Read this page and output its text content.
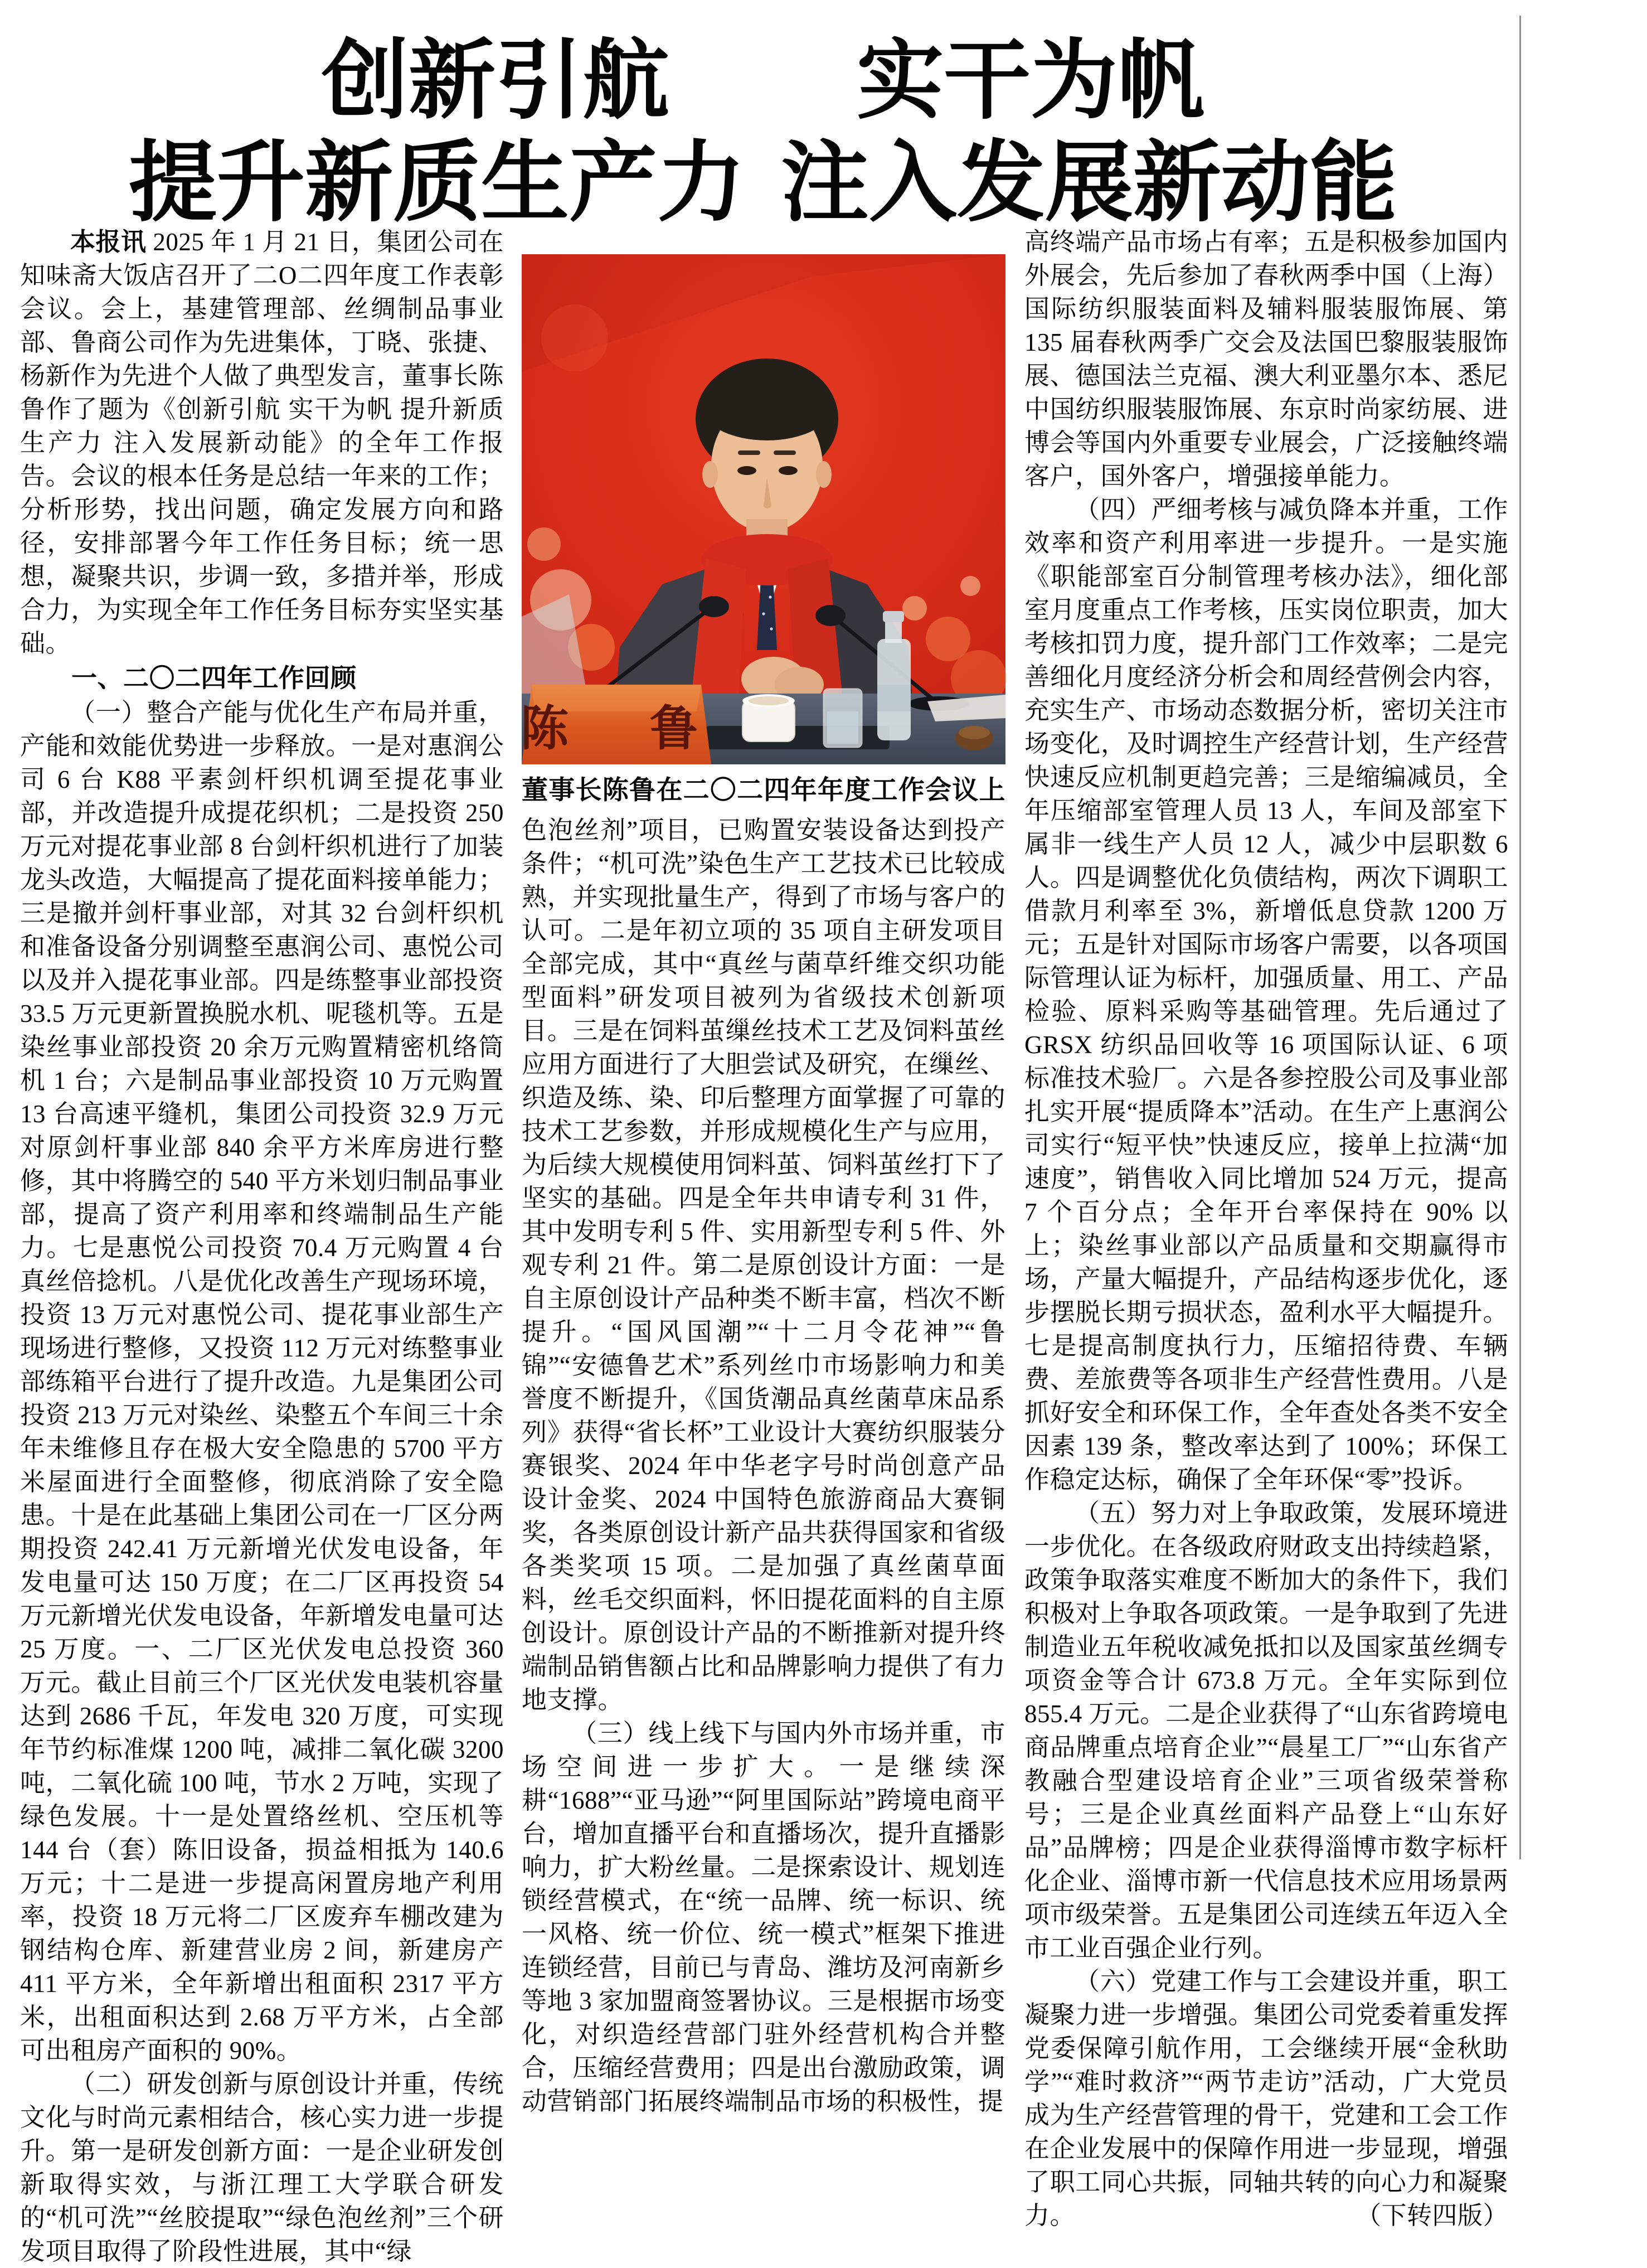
创新引航 实干为帆
提升新质生产力 注入发展新动能

本报讯 2025 年 1 月 21 日，集团公司在知味斋大饭店召开了二O二四年度工作表彰会议。会上，基建管理部、丝绸制品事业部、鲁商公司作为先进集体，丁晓、张捷、杨新作为先进个人做了典型发言，董事长陈鲁作了题为《创新引航 实干为帆 提升新质生产力 注入发展新动能》的全年工作报告。会议的根本任务是总结一年来的工作；分析形势，找出问题，确定发展方向和路径，安排部署今年工作任务目标；统一思想，凝聚共识，步调一致，多措并举，形成合力，为实现全年工作任务目标夯实坚实基础。

一、二〇二四年工作回顾

（一）整合产能与优化生产布局并重，产能和效能优势进一步释放。一是对惠润公司 6 台 K88 平素剑杆织机调至提花事业部，并改造提升成提花织机；二是投资 250 万元对提花事业部 8 台剑杆织机进行了加装龙头改造，大幅提高了提花面料接单能力；三是撤并剑杆事业部，对其 32 台剑杆织机和准备设备分别调整至惠润公司、惠悦公司以及并入提花事业部。四是练整事业部投资 33.5 万元更新置换脱水机、呢毯机等。五是染丝事业部投资 20 余万元购置精密机络筒机 1 台；六是制品事业部投资 10 万元购置 13 台高速平缝机，集团公司投资 32.9 万元对原剑杆事业部 840 余平方米库房进行整修，其中将腾空的 540 平方米划归制品事业部，提高了资产利用率和终端制品生产能力。七是惠悦公司投资 70.4 万元购置 4 台真丝倍捻机。八是优化改善生产现场环境，投资 13 万元对惠悦公司、提花事业部生产现场进行整修，又投资 112 万元对练整事业部练箱平台进行了提升改造。九是集团公司投资 213 万元对染丝、染整五个车间三十余年未维修且存在极大安全隐患的 5700 平方米屋面进行全面整修，彻底消除了安全隐患。十是在此基础上集团公司在一厂区分两期投资 242.41 万元新增光伏发电设备，年发电量可达 150 万度；在二厂区再投资 54 万元新增光伏发电设备，年新增发电量可达 25 万度。一、二厂区光伏发电总投资 360 万元。截止目前三个厂区光伏发电装机容量达到 2686 千瓦，年发电 320 万度，可实现年节约标准煤 1200 吨，减排二氧化碳 3200 吨，二氧化硫 100 吨，节水 2 万吨，实现了绿色发展。十一是处置络丝机、空压机等 144 台（套）陈旧设备，损益相抵为 140.6 万元；十二是进一步提高闲置房地产利用率，投资 18 万元将二厂区废弃车棚改建为钢结构仓库、新建营业房 2 间，新建房产 411 平方米，全年新增出租面积 2317 平方米，出租面积达到 2.68 万平方米，占全部可出租房产面积的 90%。

（二）研发创新与原创设计并重，传统文化与时尚元素相结合，核心实力进一步提升。第一是研发创新方面：一是企业研发创新取得实效，与浙江理工大学联合研发的“机可洗”“丝胶提取”“绿色泡丝剂”三个研发项目取得了阶段性进展，其中“绿

陈　鲁
董事长陈鲁在二〇二四年年度工作会议上

色泡丝剂”项目，已购置安装设备达到投产条件；“机可洗”染色生产工艺技术已比较成熟，并实现批量生产，得到了市场与客户的认可。二是年初立项的 35 项自主研发项目全部完成，其中“真丝与菌草纤维交织功能型面料”研发项目被列为省级技术创新项目。三是在饲料茧缫丝技术工艺及饲料茧丝应用方面进行了大胆尝试及研究，在缫丝、织造及练、染、印后整理方面掌握了可靠的技术工艺参数，并形成规模化生产与应用，为后续大规模使用饲料茧、饲料茧丝打下了坚实的基础。四是全年共申请专利 31 件，其中发明专利 5 件、实用新型专利 5 件、外观专利 21 件。第二是原创设计方面：一是自主原创设计产品种类不断丰富，档次不断提升。“国风国潮”“十二月令花神”“鲁锦”“安德鲁艺术”系列丝巾市场影响力和美誉度不断提升，《国货潮品真丝菌草床品系列》获得“省长杯”工业设计大赛纺织服装分赛银奖、2024 年中华老字号时尚创意产品设计金奖、2024 中国特色旅游商品大赛铜奖，各类原创设计新产品共获得国家和省级各类奖项 15 项。二是加强了真丝菌草面料，丝毛交织面料，怀旧提花面料的自主原创设计。原创设计产品的不断推新对提升终端制品销售额占比和品牌影响力提供了有力地支撑。

（三）线上线下与国内外市场并重，市场空间进一步扩大。一是继续深耕“1688”“亚马逊”“阿里国际站”跨境电商平台，增加直播平台和直播场次，提升直播影响力，扩大粉丝量。二是探索设计、规划连锁经营模式，在“统一品牌、统一标识、统一风格、统一价位、统一模式”框架下推进连锁经营，目前已与青岛、潍坊及河南新乡等地 3 家加盟商签署协议。三是根据市场变化，对织造经营部门驻外经营机构合并整合，压缩经营费用；四是出台激励政策，调动营销部门拓展终端制品市场的积极性，提

高终端产品市场占有率；五是积极参加国内外展会，先后参加了春秋两季中国（上海）国际纺织服装面料及辅料服装服饰展、第 135 届春秋两季广交会及法国巴黎服装服饰展、德国法兰克福、澳大利亚墨尔本、悉尼中国纺织服装服饰展、东京时尚家纺展、进博会等国内外重要专业展会，广泛接触终端客户，国外客户，增强接单能力。

（四）严细考核与减负降本并重，工作效率和资产利用率进一步提升。一是实施《职能部室百分制管理考核办法》，细化部室月度重点工作考核，压实岗位职责，加大考核扣罚力度，提升部门工作效率；二是完善细化月度经济分析会和周经营例会内容，充实生产、市场动态数据分析，密切关注市场变化，及时调控生产经营计划，生产经营快速反应机制更趋完善；三是缩编减员，全年压缩部室管理人员 13 人，车间及部室下属非一线生产人员 12 人，减少中层职数 6 人。四是调整优化负债结构，两次下调职工借款月利率至 3%，新增低息贷款 1200 万元；五是针对国际市场客户需要，以各项国际管理认证为标杆，加强质量、用工、产品检验、原料采购等基础管理。先后通过了 GRSX 纺织品回收等 16 项国际认证、6 项标准技术验厂。六是各参控股公司及事业部扎实开展“提质降本”活动。在生产上惠润公司实行“短平快”快速反应，接单上拉满“加速度”，销售收入同比增加 524 万元，提高 7 个百分点；全年开台率保持在 90% 以上；染丝事业部以产品质量和交期赢得市场，产量大幅提升，产品结构逐步优化，逐步摆脱长期亏损状态，盈利水平大幅提升。七是提高制度执行力，压缩招待费、车辆费、差旅费等各项非生产经营性费用。八是抓好安全和环保工作，全年查处各类不安全因素 139 条，整改率达到了 100%；环保工作稳定达标，确保了全年环保“零”投诉。

（五）努力对上争取政策，发展环境进一步优化。在各级政府财政支出持续趋紧，政策争取落实难度不断加大的条件下，我们积极对上争取各项政策。一是争取到了先进制造业五年税收减免抵扣以及国家茧丝绸专项资金等合计 673.8 万元。全年实际到位 855.4 万元。二是企业获得了“山东省跨境电商品牌重点培育企业”“晨星工厂”“山东省产教融合型建设培育企业”三项省级荣誉称号；三是企业真丝面料产品登上“山东好品”品牌榜；四是企业获得淄博市数字标杆化企业、淄博市新一代信息技术应用场景两项市级荣誉。五是集团公司连续五年迈入全市工业百强企业行列。

（六）党建工作与工会建设并重，职工凝聚力进一步增强。集团公司党委着重发挥党委保障引航作用，工会继续开展“金秋助学”“难时救济”“两节走访”活动，广大党员成为生产经营管理的骨干，党建和工会工作在企业发展中的保障作用进一步显现，增强了职工同心共振，同轴共转的向心力和凝聚力。	（下转四版）
